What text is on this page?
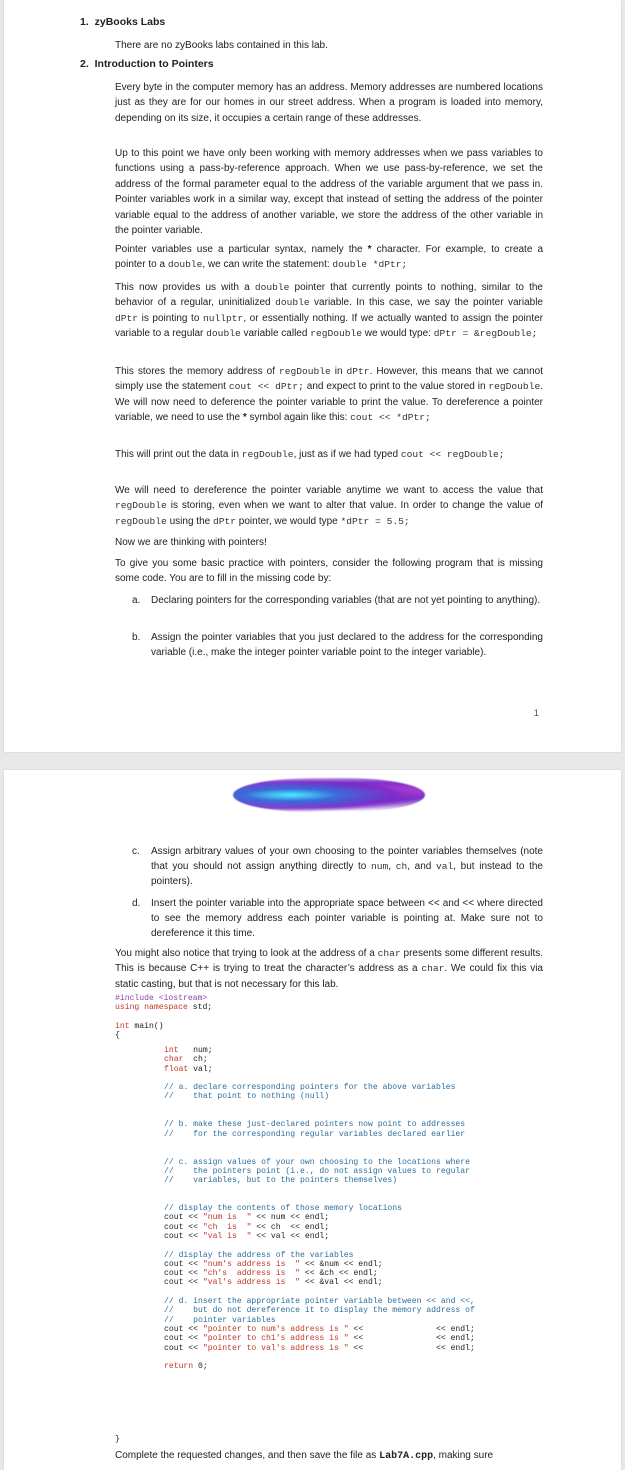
1. zyBooks Labs
There are no zyBooks labs contained in this lab.
2. Introduction to Pointers
Every byte in the computer memory has an address. Memory addresses are numbered locations just as they are for our homes in our street address. When a program is loaded into memory, depending on its size, it occupies a certain range of these addresses.
Up to this point we have only been working with memory addresses when we pass variables to functions using a pass-by-reference approach. When we use pass-by-reference, we set the address of the formal parameter equal to the address of the variable argument that we pass in. Pointer variables work in a similar way, except that instead of setting the address of the pointer variable equal to the address of another variable, we store the address of the other variable in the pointer variable.
Pointer variables use a particular syntax, namely the * character. For example, to create a pointer to a double, we can write the statement: double *dPtr;
This now provides us with a double pointer that currently points to nothing, similar to the behavior of a regular, uninitialized double variable. In this case, we say the pointer variable dPtr is pointing to nullptr, or essentially nothing. If we actually wanted to assign the pointer variable to a regular double variable called regDouble we would type: dPtr = &regDouble;
This stores the memory address of regDouble in dPtr. However, this means that we cannot simply use the statement cout << dPtr; and expect to print to the value stored in regDouble. We will now need to deference the pointer variable to print the value. To dereference a pointer variable, we need to use the * symbol again like this: cout << *dPtr;
This will print out the data in regDouble, just as if we had typed cout << regDouble;
We will need to dereference the pointer variable anytime we want to access the value that regDouble is storing, even when we want to alter that value. In order to change the value of regDouble using the dPtr pointer, we would type *dPtr = 5.5;
Now we are thinking with pointers!
To give you some basic practice with pointers, consider the following program that is missing some code. You are to fill in the missing code by:
a. Declaring pointers for the corresponding variables (that are not yet pointing to anything).
b. Assign the pointer variables that you just declared to the address for the corresponding variable (i.e., make the integer pointer variable point to the integer variable).
1
c. Assign arbitrary values of your own choosing to the pointer variables themselves (note that you should not assign anything directly to num, ch, and val, but instead to the pointers).
d. Insert the pointer variable into the appropriate space between << and << where directed to see the memory address each pointer variable is pointing at. Make sure not to dereference it this time.
You might also notice that trying to look at the address of a char presents some different results. This is because C++ is trying to treat the character’s address as a char. We could fix this via static casting, but that is not necessary for this lab.
#include <iostream>
using namespace std;

int main()
{
int   num;
char  ch;
float val;

// a. declare corresponding pointers for the above variables
//    that point to nothing (null)

// b. make these just-declared pointers now point to addresses
//    for the corresponding regular variables declared earlier

// c. assign values of your own choosing to the locations where
//    the pointers point (i.e., do not assign values to regular
//    variables, but to the pointers themselves)

// display the contents of those memory locations
cout << "num is  " << num << endl;
cout << "ch  is  " << ch  << endl;
cout << "val is  " << val << endl;

// display the address of the variables
cout << "num's address is  " << &num << endl;
cout << "ch's  address is  " << &ch << endl;
cout << "val's address is  " << &val << endl;

// d. insert the appropriate pointer variable between << and <<,
//    but do not dereference it to display the memory address of
//    pointer variables
cout << "pointer to num's address is " <<               << endl;
cout << "pointer to ch1's address is " <<               << endl;
cout << "pointer to val's address is " <<               << endl;

return 0;
}
Complete the requested changes, and then save the file as Lab7A.cpp, making sure
